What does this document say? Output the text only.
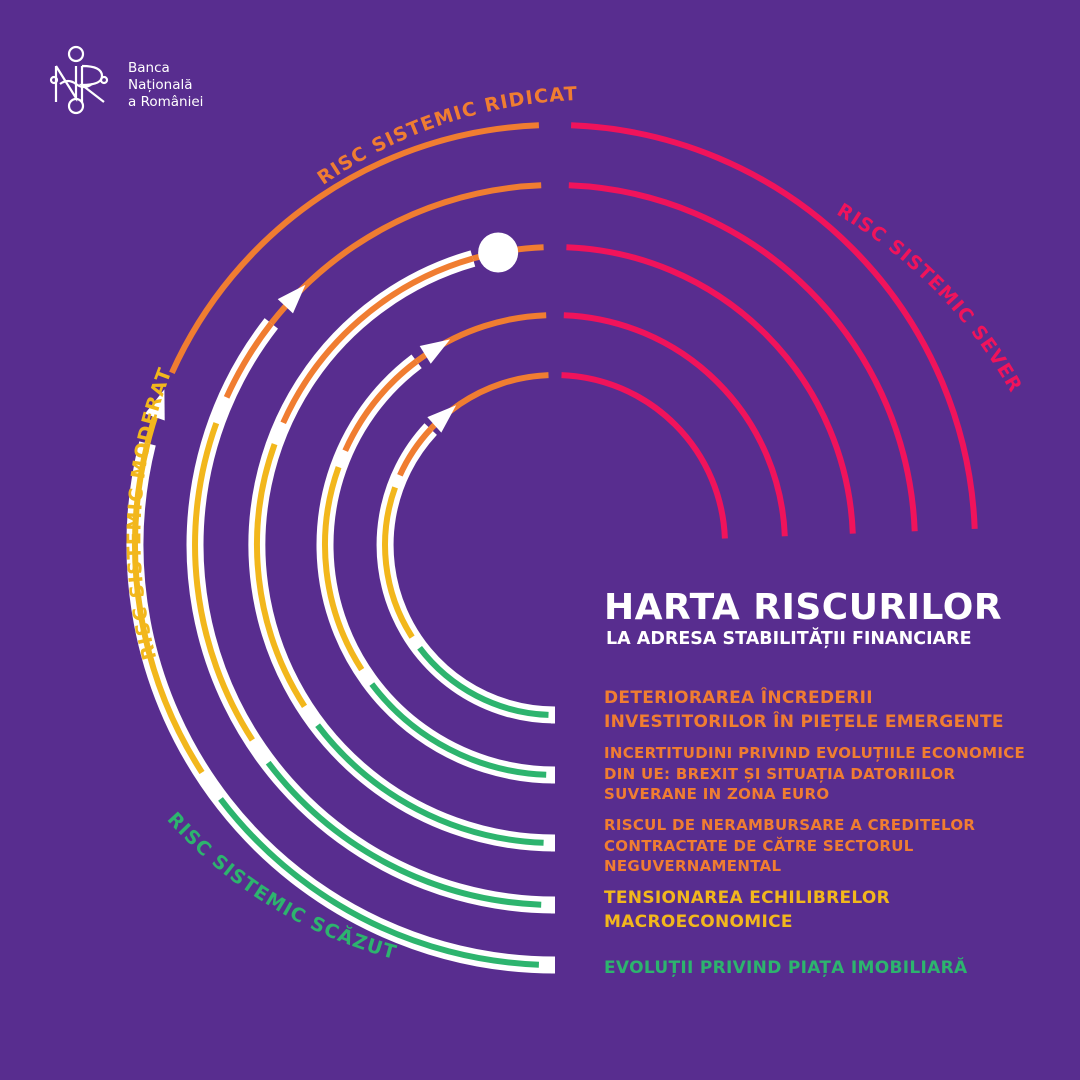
RISC SISTEMIC RIDICAT
RISC SISTEMIC SEVER
RISC SISTEMIC MODERAT
RISC SISTEMIC SCĂZUT
Banca
Națională
a României

HARTA RISCURILOR

LA ADRESA STABILITĂȚII FINANCIARE

DETERIORAREA ÎNCREDERII
INVESTITORILOR ÎN PIEȚELE EMERGENTE

INCERTITUDINI PRIVIND EVOLUȚIILE ECONOMICE
DIN UE: BREXIT ȘI SITUAȚIA DATORIILOR
SUVERANE IN ZONA EURO

RISCUL DE NERAMBURSARE A CREDITELOR
CONTRACTATE DE CĂTRE SECTORUL
NEGUVERNAMENTAL

TENSIONAREA ECHILIBRELOR
MACROECONOMICE

EVOLUȚII PRIVIND PIAȚA IMOBILIARĂ
